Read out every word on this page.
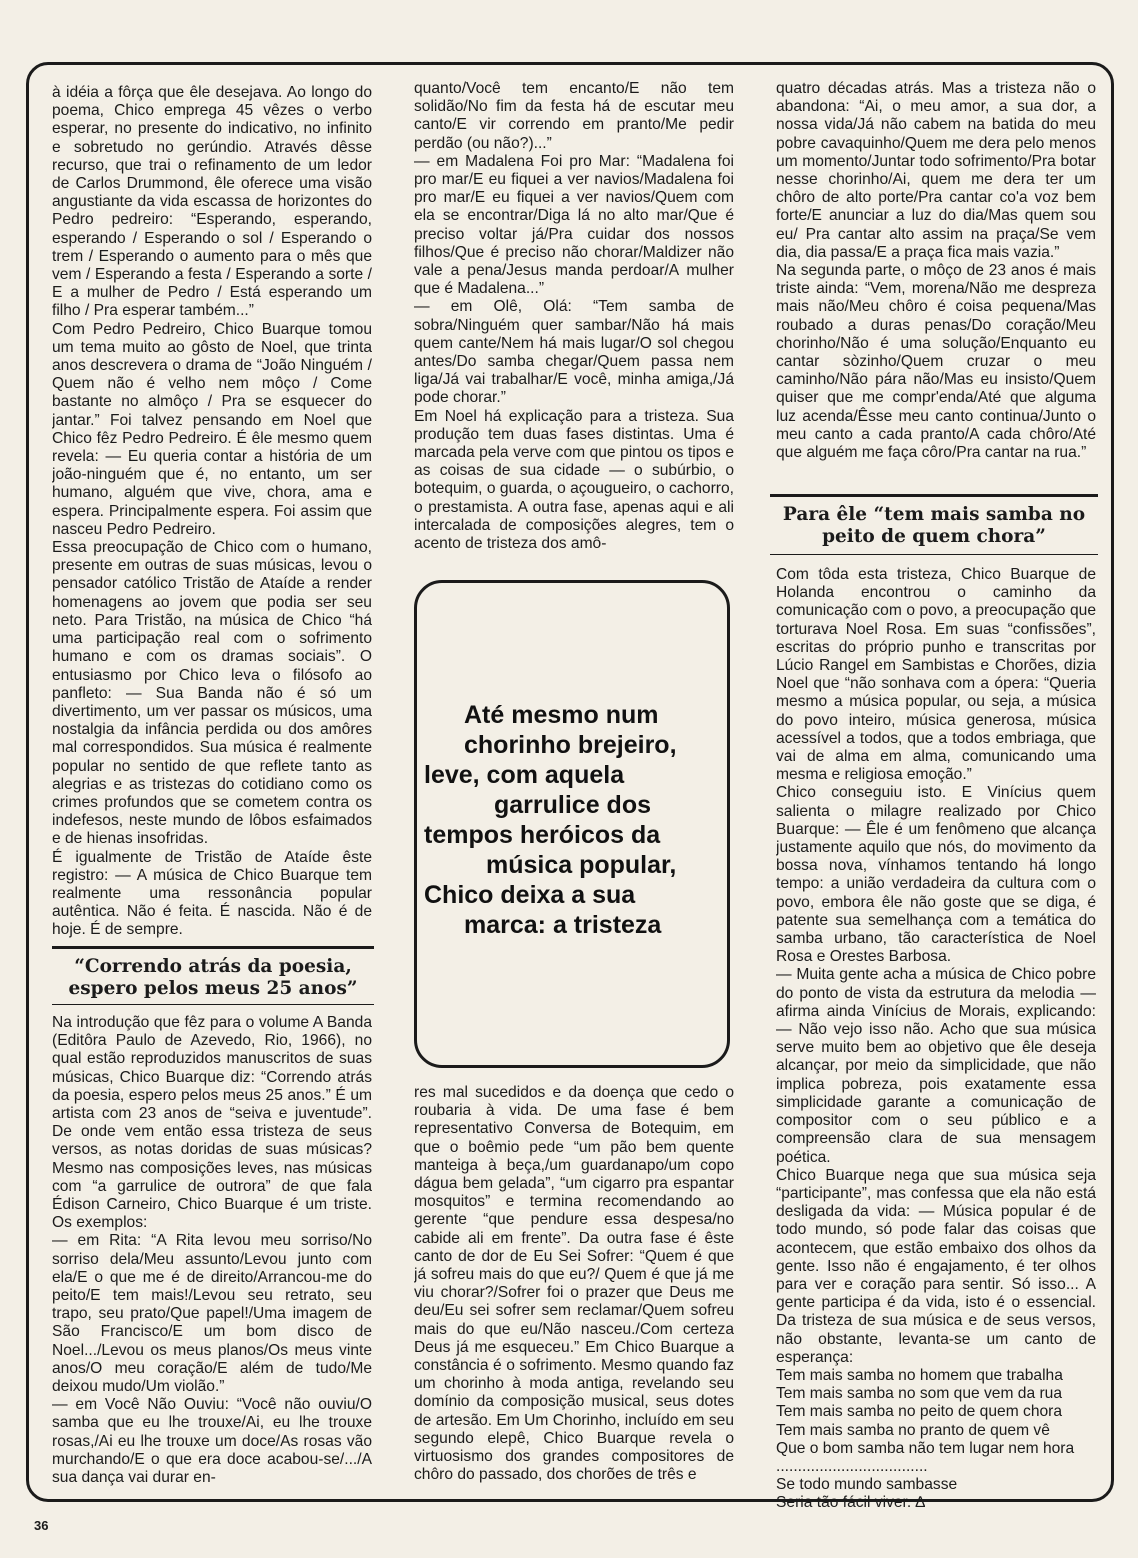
à idéia a fôrça que êle desejava. Ao longo do poema, Chico emprega 45 vêzes o verbo esperar, no presente do indicativo, no infinito e sobretudo no gerúndio. Através dêsse recurso, que trai o refinamento de um ledor de Carlos Drummond, êle oferece uma visão angustiante da vida escassa de horizontes do Pedro pedreiro: “Esperando, esperando, esperando / Esperando o sol / Esperando o trem / Esperando o aumento para o mês que vem / Esperando a festa / Esperando a sorte / E a mulher de Pedro / Está esperando um filho / Pra esperar também...”

Com Pedro Pedreiro, Chico Buarque tomou um tema muito ao gôsto de Noel, que trinta anos descrevera o drama de “João Ninguém / Quem não é velho nem môço / Come bastante no almôço / Pra se esquecer do jantar.” Foi talvez pensando em Noel que Chico fêz Pedro Pedreiro. É êle mesmo quem revela: — Eu queria contar a história de um joão-ninguém que é, no entanto, um ser humano, alguém que vive, chora, ama e espera. Principalmente espera. Foi assim que nasceu Pedro Pedreiro.

Essa preocupação de Chico com o humano, presente em outras de suas músicas, levou o pensador católico Tristão de Ataíde a render homenagens ao jovem que podia ser seu neto. Para Tristão, na música de Chico “há uma participação real com o sofrimento humano e com os dramas sociais”. O entusiasmo por Chico leva o filósofo ao panfleto: — Sua Banda não é só um divertimento, um ver passar os músicos, uma nostalgia da infância perdida ou dos amôres mal correspondidos. Sua música é realmente popular no sentido de que reflete tanto as alegrias e as tristezas do cotidiano como os crimes profundos que se cometem contra os indefesos, neste mundo de lôbos esfaimados e de hienas insofridas.

É igualmente de Tristão de Ataíde êste registro: — A música de Chico Buarque tem realmente uma ressonância popular autêntica. Não é feita. É nascida. Não é de hoje. É de sempre.

“Correndo atrás da poesia, espero pelos meus 25 anos”

Na introdução que fêz para o volume A Banda (Editôra Paulo de Azevedo, Rio, 1966), no qual estão reproduzidos manuscritos de suas músicas, Chico Buarque diz: “Correndo atrás da poesia, espero pelos meus 25 anos.” É um artista com 23 anos de “seiva e juventude”. De onde vem então essa tristeza de seus versos, as notas doridas de suas músicas? Mesmo nas composições leves, nas músicas com “a garrulice de outrora” de que fala Édison Carneiro, Chico Buarque é um triste. Os exemplos:

— em Rita: “A Rita levou meu sorriso/No sorriso dela/Meu assunto/Levou junto com ela/E o que me é de direito/Arrancou-me do peito/E tem mais!/Levou seu retrato, seu trapo, seu prato/Que papel!/Uma imagem de São Francisco/E um bom disco de Noel.../Levou os meus planos/Os meus vinte anos/O meu coração/E além de tudo/Me deixou mudo/Um violão.”

— em Você Não Ouviu: “Você não ouviu/O samba que eu lhe trouxe/Ai, eu lhe trouxe rosas,/Ai eu lhe trouxe um doce/As rosas vão murchando/E o que era doce acabou-se/.../A sua dança vai durar en-

quanto/Você tem encanto/E não tem solidão/No fim da festa há de escutar meu canto/E vir correndo em pranto/Me pedir perdão (ou não?)...”

— em Madalena Foi pro Mar: “Madalena foi pro mar/E eu fiquei a ver navios/Madalena foi pro mar/E eu fiquei a ver navios/Quem com ela se encontrar/Diga lá no alto mar/Que é preciso voltar já/Pra cuidar dos nossos filhos/Que é preciso não chorar/Maldizer não vale a pena/Jesus manda perdoar/A mulher que é Madalena...”

— em Olê, Olá: “Tem samba de sobra/Ninguém quer sambar/Não há mais quem cante/Nem há mais lugar/O sol chegou antes/Do samba chegar/Quem passa nem liga/Já vai trabalhar/E você, minha amiga,/Já pode chorar.”

Em Noel há explicação para a tristeza. Sua produção tem duas fases distintas. Uma é marcada pela verve com que pintou os tipos e as coisas de sua cidade — o subúrbio, o botequim, o guarda, o açougueiro, o cachorro, o prestamista. A outra fase, apenas aqui e ali intercalada de composições alegres, tem o acento de tristeza dos amô-

Até mesmo num
chorinho brejeiro,
leve, com aquela
garrulice dos
tempos heróicos da
música popular,
Chico deixa a sua
marca: a tristeza

res mal sucedidos e da doença que cedo o roubaria à vida. De uma fase é bem representativo Conversa de Botequim, em que o boêmio pede “um pão bem quente manteiga à beça,/um guardanapo/um copo dágua bem gelada”, “um cigarro pra espantar mosquitos” e termina recomendando ao gerente “que pendure essa despesa/no cabide ali em frente”. Da outra fase é êste canto de dor de Eu Sei Sofrer: “Quem é que já sofreu mais do que eu?/ Quem é que já me viu chorar?/Sofrer foi o prazer que Deus me deu/Eu sei sofrer sem reclamar/Quem sofreu mais do que eu/Não nasceu./Com certeza Deus já me esqueceu.” Em Chico Buarque a constância é o sofrimento. Mesmo quando faz um chorinho à moda antiga, revelando seu domínio da composição musical, seus dotes de artesão. Em Um Chorinho, incluído em seu segundo elepê, Chico Buarque revela o virtuosismo dos grandes compositores de chôro do passado, dos chorões de três e

quatro décadas atrás. Mas a tristeza não o abandona: “Ai, o meu amor, a sua dor, a nossa vida/Já não cabem na batida do meu pobre cavaquinho/Quem me dera pelo menos um momento/Juntar todo sofrimento/Pra botar nesse chorinho/Ai, quem me dera ter um chôro de alto porte/Pra cantar co'a voz bem forte/E anunciar a luz do dia/Mas quem sou eu/ Pra cantar alto assim na praça/Se vem dia, dia passa/E a praça fica mais vazia.”

Na segunda parte, o môço de 23 anos é mais triste ainda: “Vem, morena/Não me despreza mais não/Meu chôro é coisa pequena/Mas roubado a duras penas/Do coração/Meu chorinho/Não é uma solução/Enquanto eu cantar sòzinho/Quem cruzar o meu caminho/Não pára não/Mas eu insisto/Quem quiser que me compr'enda/Até que alguma luz acenda/Êsse meu canto continua/Junto o meu canto a cada pranto/A cada chôro/Até que alguém me faça côro/Pra cantar na rua.”

Para êle “tem mais samba no peito de quem chora”

Com tôda esta tristeza, Chico Buarque de Holanda encontrou o caminho da comunicação com o povo, a preocupação que torturava Noel Rosa. Em suas “confissões”, escritas do próprio punho e transcritas por Lúcio Rangel em Sambistas e Chorões, dizia Noel que “não sonhava com a ópera: “Queria mesmo a música popular, ou seja, a música do povo inteiro, música generosa, música acessível a todos, que a todos embriaga, que vai de alma em alma, comunicando uma mesma e religiosa emoção.”

Chico conseguiu isto. E Vinícius quem salienta o milagre realizado por Chico Buarque: — Êle é um fenômeno que alcança justamente aquilo que nós, do movimento da bossa nova, vínhamos tentando há longo tempo: a união verdadeira da cultura com o povo, embora êle não goste que se diga, é patente sua semelhança com a temática do samba urbano, tão característica de Noel Rosa e Orestes Barbosa.

— Muita gente acha a música de Chico pobre do ponto de vista da estrutura da melodia — afirma ainda Vinícius de Morais, explicando: — Não vejo isso não. Acho que sua música serve muito bem ao objetivo que êle deseja alcançar, por meio da simplicidade, que não implica pobreza, pois exatamente essa simplicidade garante a comunicação de compositor com o seu público e a compreensão clara de sua mensagem poética.

Chico Buarque nega que sua música seja “participante”, mas confessa que ela não está desligada da vida: — Música popular é de todo mundo, só pode falar das coisas que acontecem, que estão embaixo dos olhos da gente. Isso não é engajamento, é ter olhos para ver e coração para sentir. Só isso... A gente participa é da vida, isto é o essencial. Da tristeza de sua música e de seus versos, não obstante, levanta-se um canto de esperança:

Tem mais samba no homem que trabalha

Tem mais samba no som que vem da rua

Tem mais samba no peito de quem chora

Tem mais samba no pranto de quem vê

Que o bom samba não tem lugar nem hora

...................................

Se todo mundo sambasse

Seria tão fácil viver. ∆

36
